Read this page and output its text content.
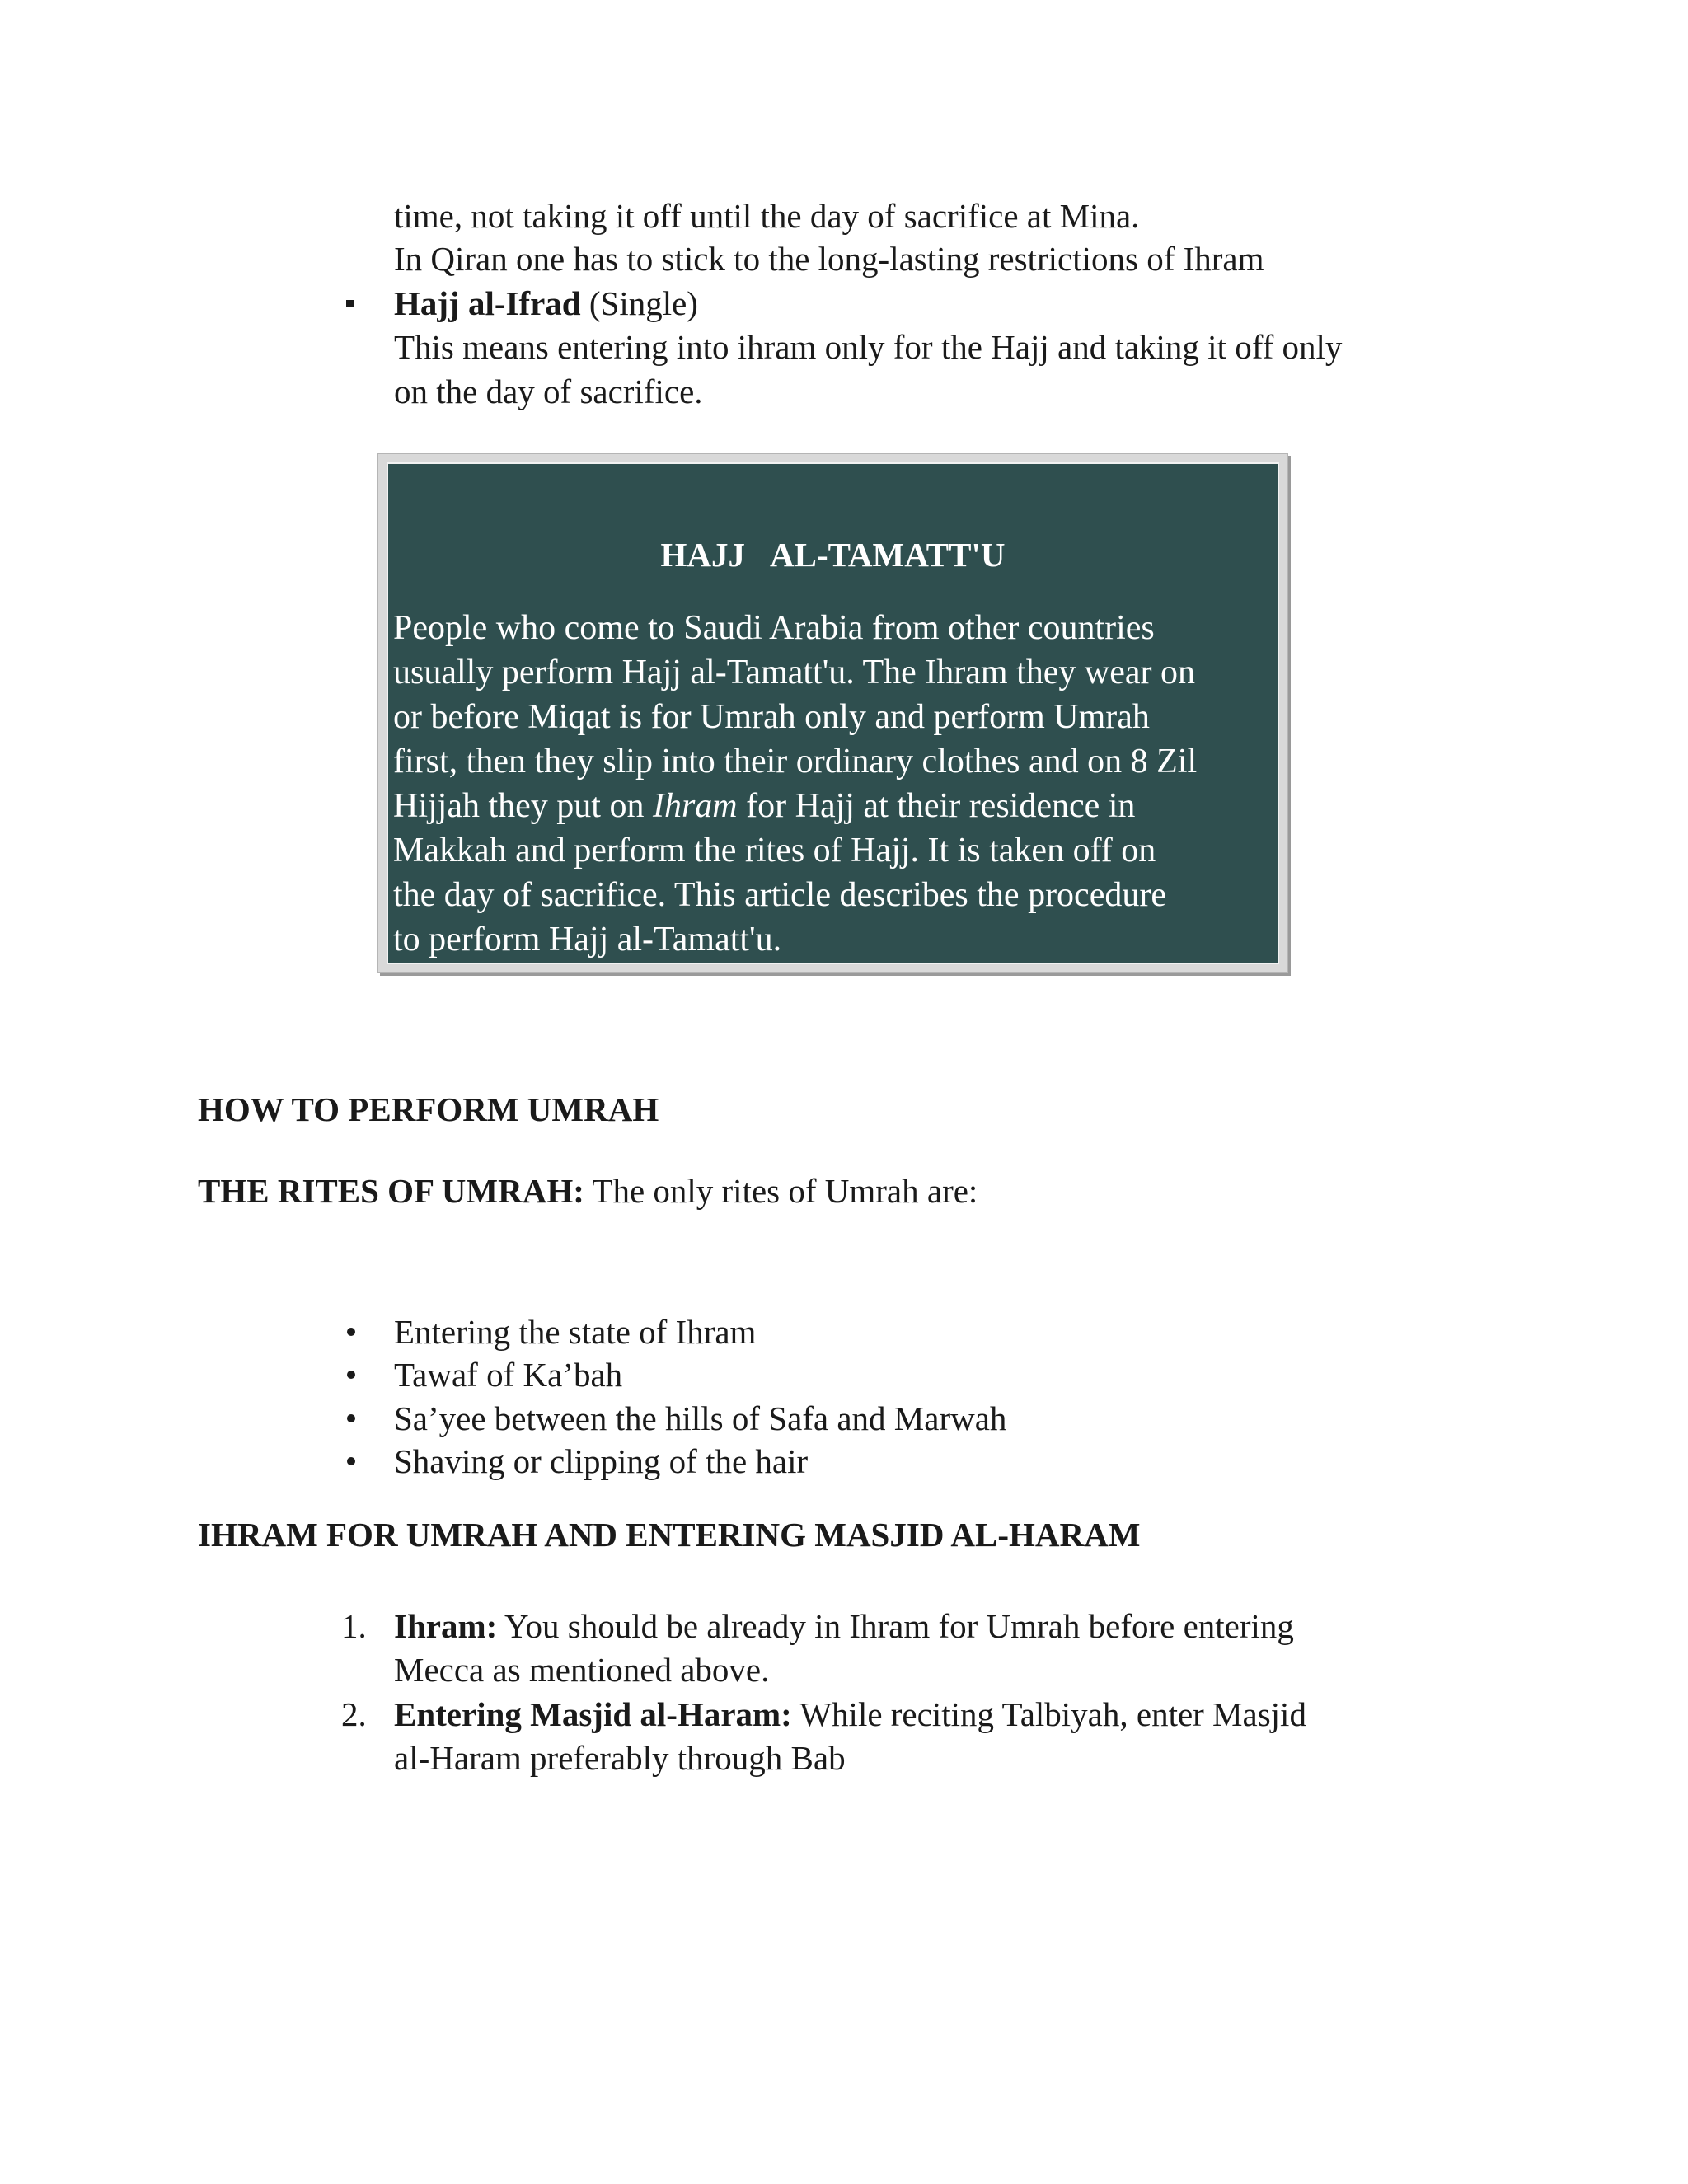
time, not taking it off until the day of sacrifice at Mina.
In Qiran one has to stick to the long-lasting restrictions of Ihram
Hajj al-Ifrad (Single)
This means entering into ihram only for the Hajj and taking it off only
on the day of sacrifice.
HAJJ AL-TAMATT'U
People who come to Saudi Arabia from other countries
usually perform Hajj al-Tamatt'u. The Ihram they wear on
or before Miqat is for Umrah only and perform Umrah
first, then they slip into their ordinary clothes and on 8 Zil
Hijjah they put on Ihram for Hajj at their residence in
Makkah and perform the rites of Hajj. It is taken off on
the day of sacrifice. This article describes the procedure
to perform Hajj al-Tamatt'u.
HOW TO PERFORM UMRAH
THE RITES OF UMRAH: The only rites of Umrah are:
Entering the state of Ihram
Tawaf of Ka’bah
Sa’yee between the hills of Safa and Marwah
Shaving or clipping of the hair
IHRAM FOR UMRAH AND ENTERING MASJID AL-HARAM
1. Ihram: You should be already in Ihram for Umrah before entering
Mecca as mentioned above.
2. Entering Masjid al-Haram: While reciting Talbiyah, enter Masjid
al-Haram preferably through Bab
